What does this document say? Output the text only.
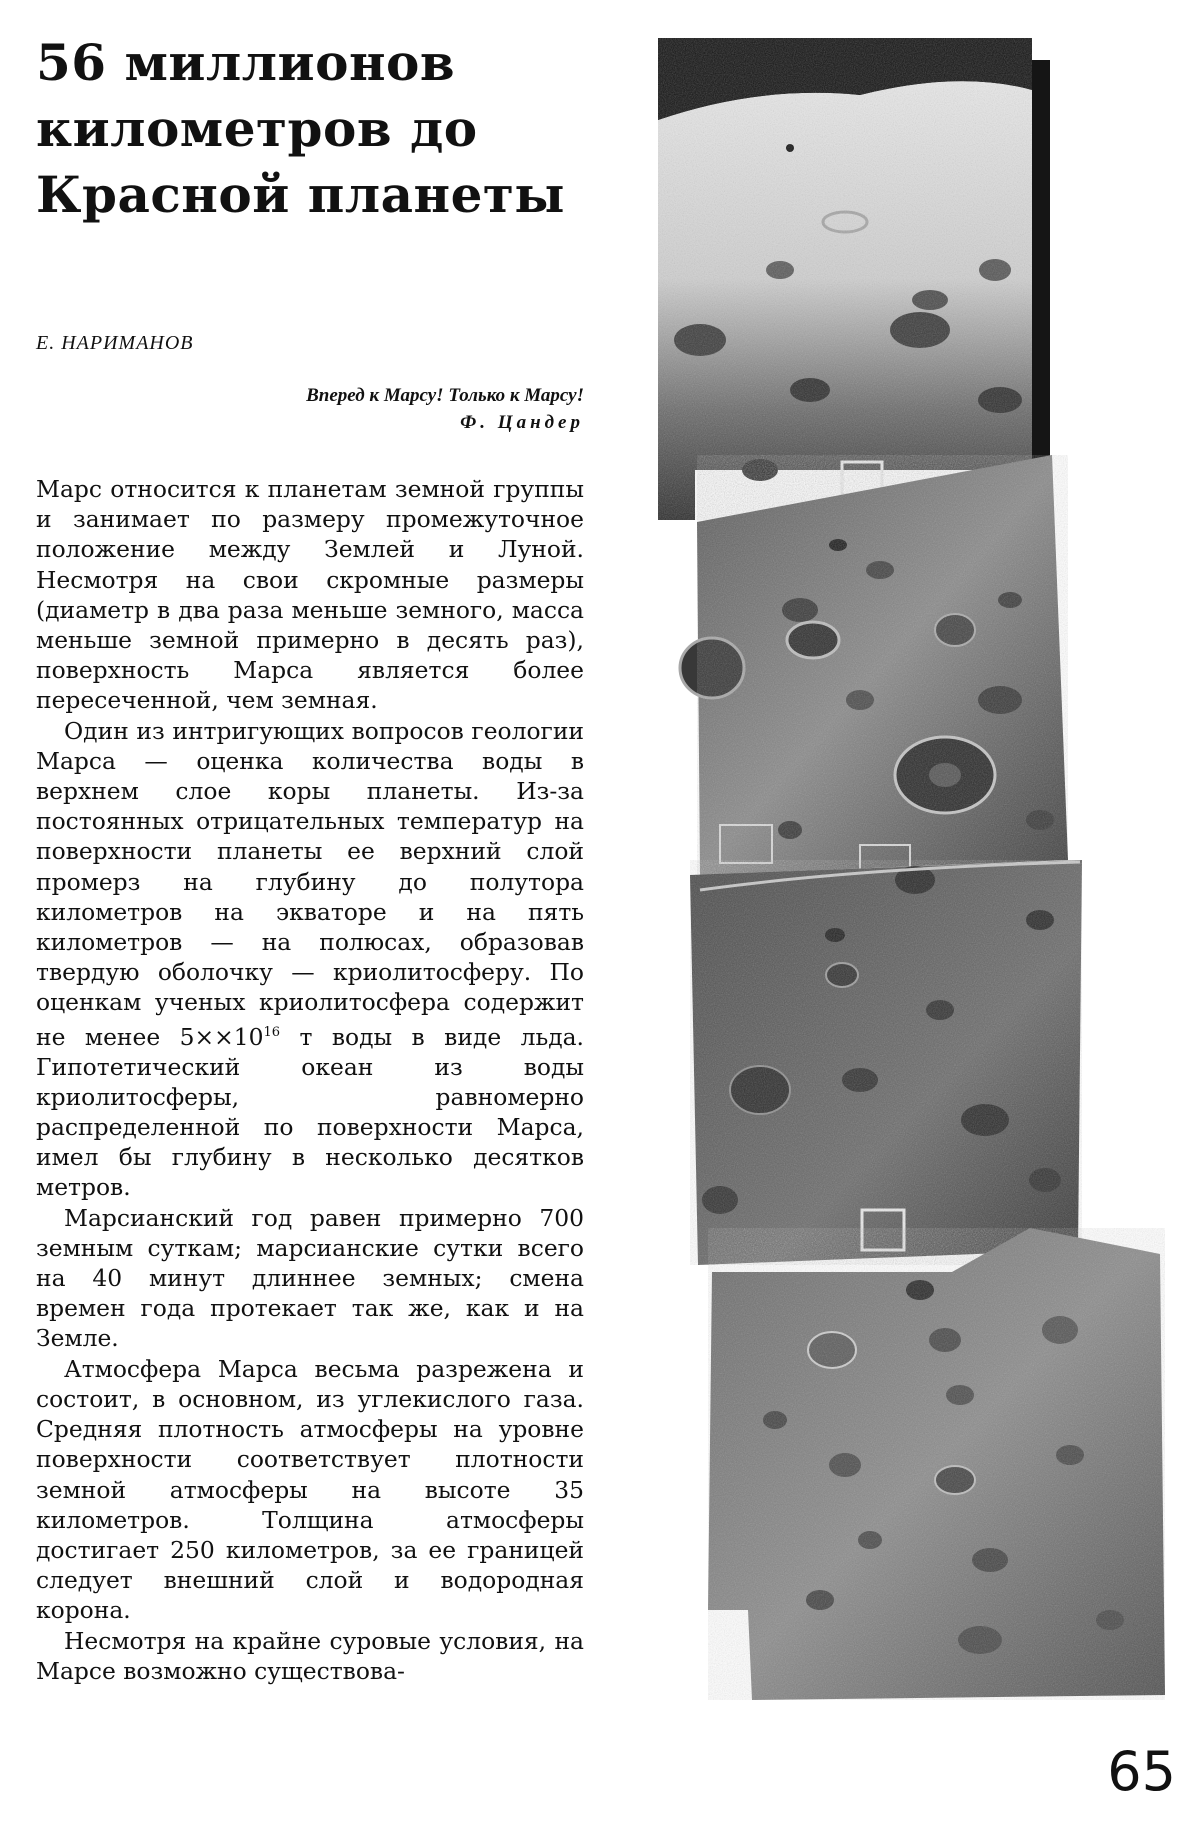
56 миллионов
километров до
Красной планеты
Е. НАРИМАНОВ
Вперед к Марсу! Только к Марсу!
Ф. Цандер

Марс относится к планетам земной группы и занимает по размеру промежуточное положение между Землей и Луной. Несмотря на свои скромные размеры (диаметр в два раза меньше земного, масса меньше земной примерно в десять раз), поверхность Марса является более пересеченной, чем земная.

Один из интригующих вопросов геологии Марса — оценка количества воды в верхнем слое коры планеты. Из-за постоянных отрицательных температур на поверхности планеты ее верхний слой промерз на глубину до полутора километров на экваторе и на пять километров — на полюсах, образовав твердую оболочку — криолитосферу. По оценкам ученых криолитосфера содержит не менее $5\times\times 10^{16}$ т воды в виде льда. Гипотетический океан из воды криолитосферы, равномерно распределенной по поверхности Марса, имел бы глубину в несколько десятков метров.

Марсианский год равен примерно 700 земным суткам; марсианские сутки всего на 40 минут длиннее земных; смена времен года протекает так же, как и на Земле.

Атмосфера Марса весьма разрежена и состоит, в основном, из углекислого газа. Средняя плотность атмосферы на уровне поверхности соответствует плотности земной атмосферы на высоте 35 километров. Толщина атмосферы достигает 250 километров, за ее границей следует внешний слой и водородная корона.

Несмотря на крайне суровые условия, на Марсе возможно существова-

65
